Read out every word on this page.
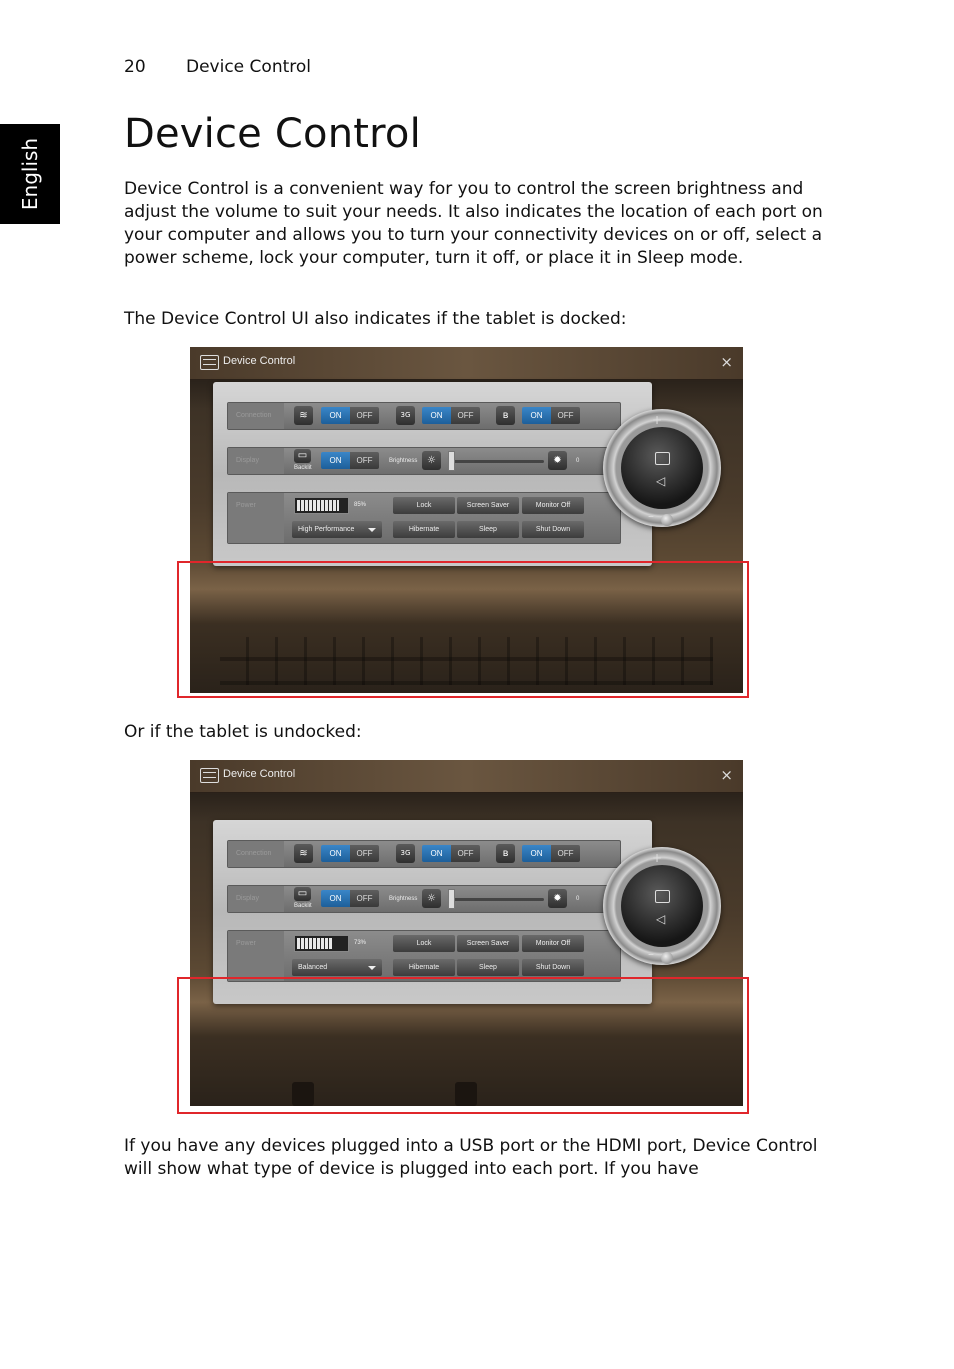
English
20 Device Control
Device Control

Device Control is a convenient way for you to control the screen brightness and adjust the volume to suit your needs. It also indicates the location of each port on your computer and allows you to turn your connectivity devices on or off, select a power scheme, lock your computer, turn it off, or place it in Sleep mode.

The Device Control UI also indicates if the tablet is docked:

Device Control	×
Connection	≋	ON	OFF	3G	ON	OFF	ʙ	ON	OFF
Display	▭
Backlit
ON	OFF	Brightness ☼	✹	0
Power	85%
High Performance
Lock	Screen Saver	Monitor Off
Hibernate	Sleep	Shut Down
+
◁
–

Or if the tablet is undocked:

Device Control	×
Connection	≋	ON	OFF	3G	ON	OFF	ʙ	ON	OFF
Display	▭
Backlit
ON	OFF	Brightness ☼	✹	0
Power	73%
Balanced
Lock	Screen Saver	Monitor Off
Hibernate	Sleep	Shut Down
+
◁
–

If you have any devices plugged into a USB port or the HDMI port, Device Control will show what type of device is plugged into each port. If you have
